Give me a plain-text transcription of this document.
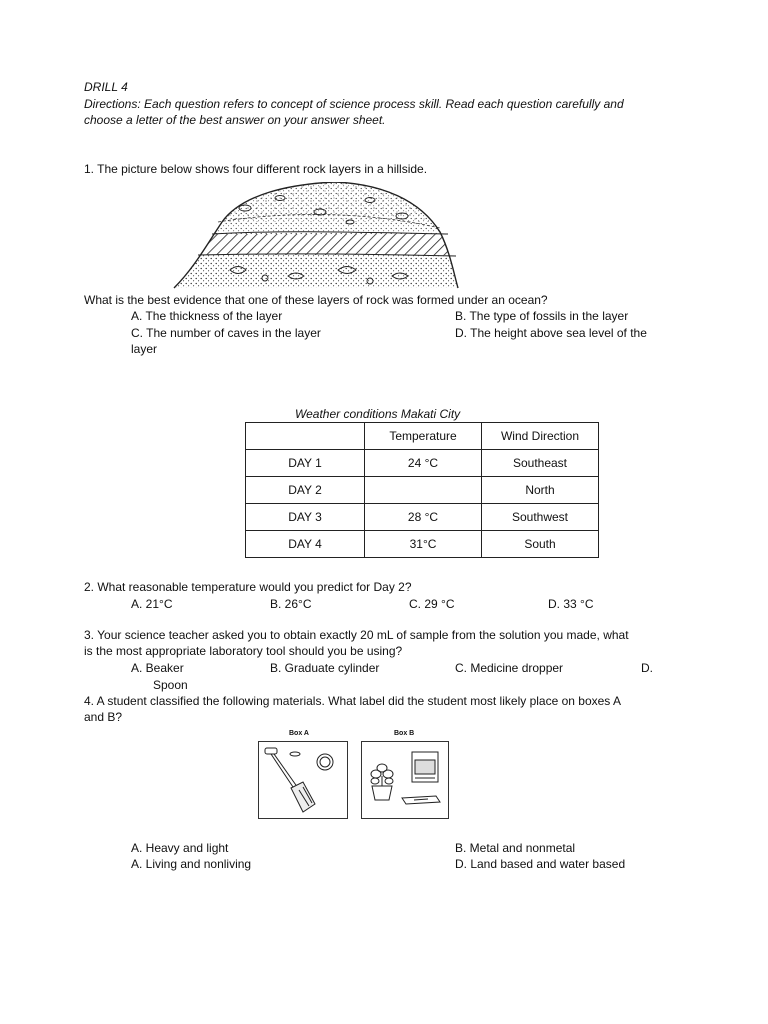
DRILL 4
Directions: Each question refers to concept of science process skill. Read each question carefully and
choose a letter of the best answer on your answer sheet.
1. The picture below shows four different rock layers in a hillside.
What is the best evidence that one of these layers of rock was formed under an ocean?
A. The thickness of the layer	B. The type of fossils in the layer
C. The number of caves in the layer	D. The height above sea level of the
layer
Weather conditions Makati City
	Temperature	Wind Direction
DAY 1	24 °C	Southeast
DAY 2		North
DAY 3	28 °C	Southwest
DAY 4	31°C	South
2. What reasonable temperature would you predict for Day 2?
A. 21°C	B. 26°C	C. 29 °C	D. 33 °C
3. Your science teacher asked you to obtain exactly 20 mL of sample from the solution you made, what
is the most appropriate laboratory tool should you be using?
A. Beaker	B. Graduate cylinder	C. Medicine dropper	D.
Spoon
4. A student classified the following materials. What label did the student most likely place on boxes A
and B?
Box A	Box B
A. Heavy and light	B. Metal and nonmetal
A. Living and nonliving	D. Land based and water based
